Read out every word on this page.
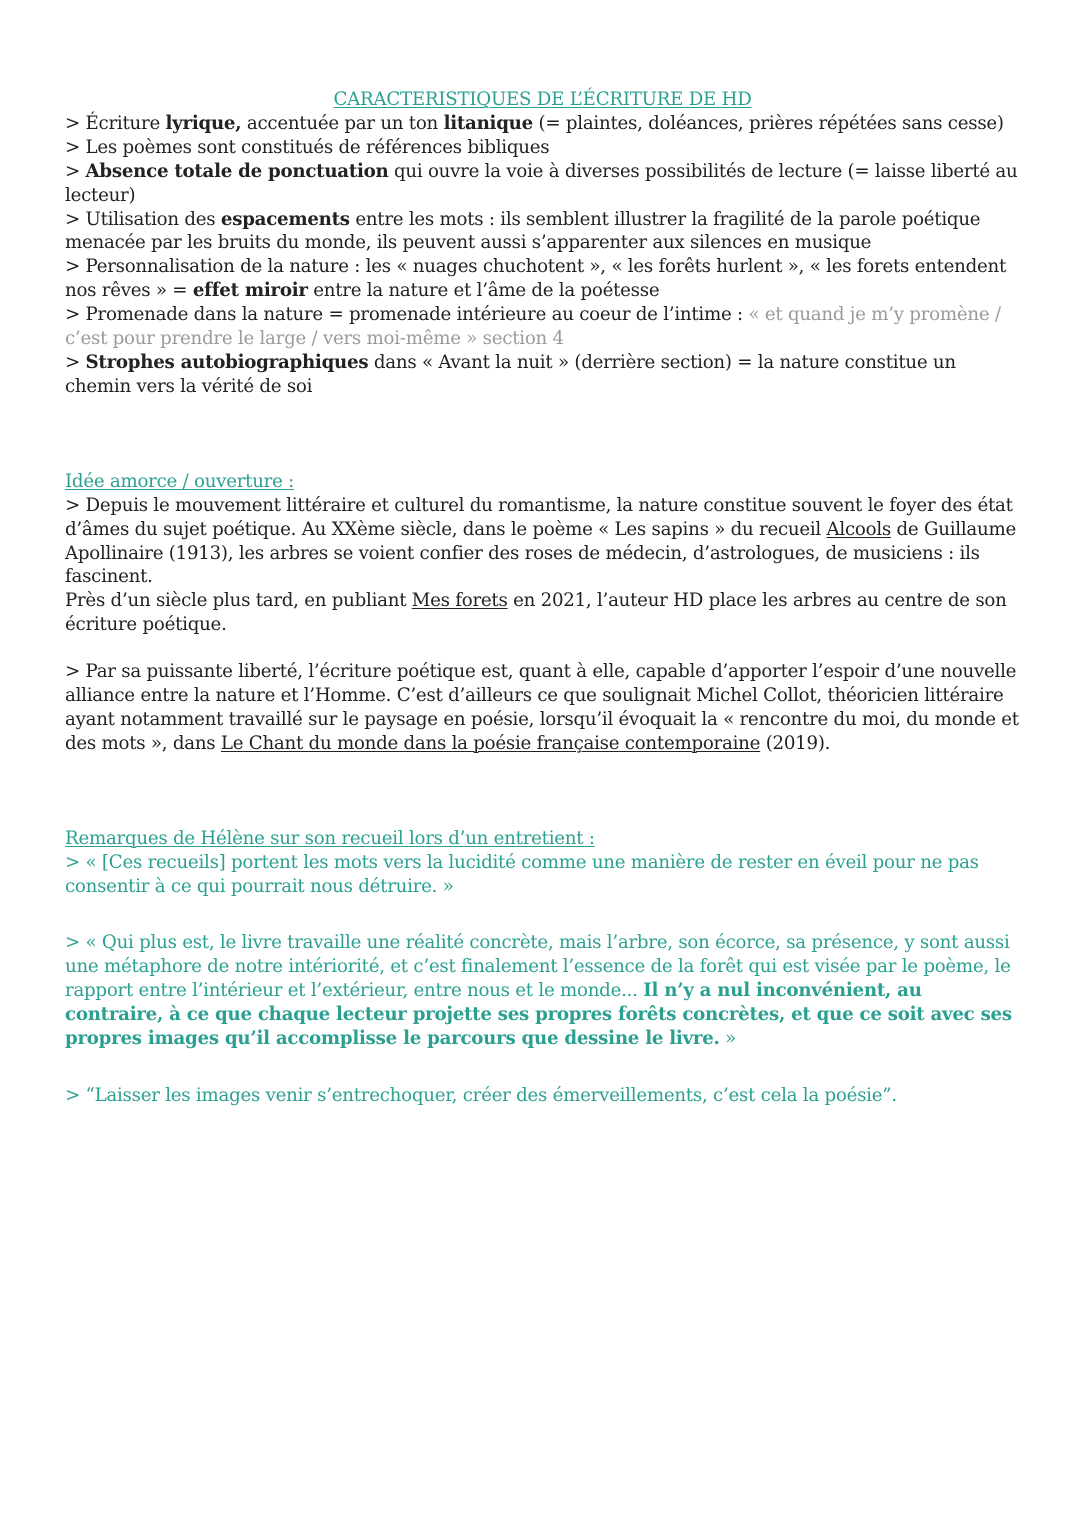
CARACTERISTIQUES DE L’ÉCRITURE DE HD

> Écriture lyrique, accentuée par un ton litanique (= plaintes, doléances, prières répétées sans cesse)

> Les poèmes sont constitués de références bibliques

> Absence totale de ponctuation qui ouvre la voie à diverses possibilités de lecture (= laisse liberté au lecteur)

> Utilisation des espacements entre les mots : ils semblent illustrer la fragilité de la parole poétique menacée par les bruits du monde, ils peuvent aussi s’apparenter aux silences en musique

> Personnalisation de la nature : les « nuages chuchotent », « les forêts hurlent », « les forets entendent nos rêves » = effet miroir entre la nature et l’âme de la poétesse

> Promenade dans la nature = promenade intérieure au coeur de l’intime : « et quand je m’y promène / c’est pour prendre le large / vers moi-même » section 4

> Strophes autobiographiques dans « Avant la nuit » (derrière section) = la nature constitue un chemin vers la vérité de soi

Idée amorce / ouverture :

> Depuis le mouvement littéraire et culturel du romantisme, la nature constitue souvent le foyer des état d’âmes du sujet poétique. Au XXème siècle, dans le poème « Les sapins » du recueil Alcools de Guillaume Apollinaire (1913), les arbres se voient confier des roses de médecin, d’astrologues, de musiciens : ils fascinent.

Près d’un siècle plus tard, en publiant Mes forets en 2021, l’auteur HD place les arbres au centre de son écriture poétique.

> Par sa puissante liberté, l’écriture poétique est, quant à elle, capable d’apporter l’espoir d’une nouvelle alliance entre la nature et l’Homme. C’est d’ailleurs ce que soulignait Michel Collot, théoricien littéraire ayant notamment travaillé sur le paysage en poésie, lorsqu’il évoquait la « rencontre du moi, du monde et des mots », dans Le Chant du monde dans la poésie française contemporaine (2019).

Remarques de Hélène sur son recueil lors d’un entretient :

> « [Ces recueils] portent les mots vers la lucidité comme une manière de rester en éveil pour ne pas consentir à ce qui pourrait nous détruire. »

> « Qui plus est, le livre travaille une réalité concrète, mais l’arbre, son écorce, sa présence, y sont aussi une métaphore de notre intériorité, et c’est finalement l’essence de la forêt qui est visée par le poème, le rapport entre l’intérieur et l’extérieur, entre nous et le monde... Il n’y a nul inconvénient, au contraire, à ce que chaque lecteur projette ses propres forêts concrètes, et que ce soit avec ses propres images qu’il accomplisse le parcours que dessine le livre. »

> “Laisser les images venir s’entrechoquer, créer des émerveillements, c’est cela la poésie”.
